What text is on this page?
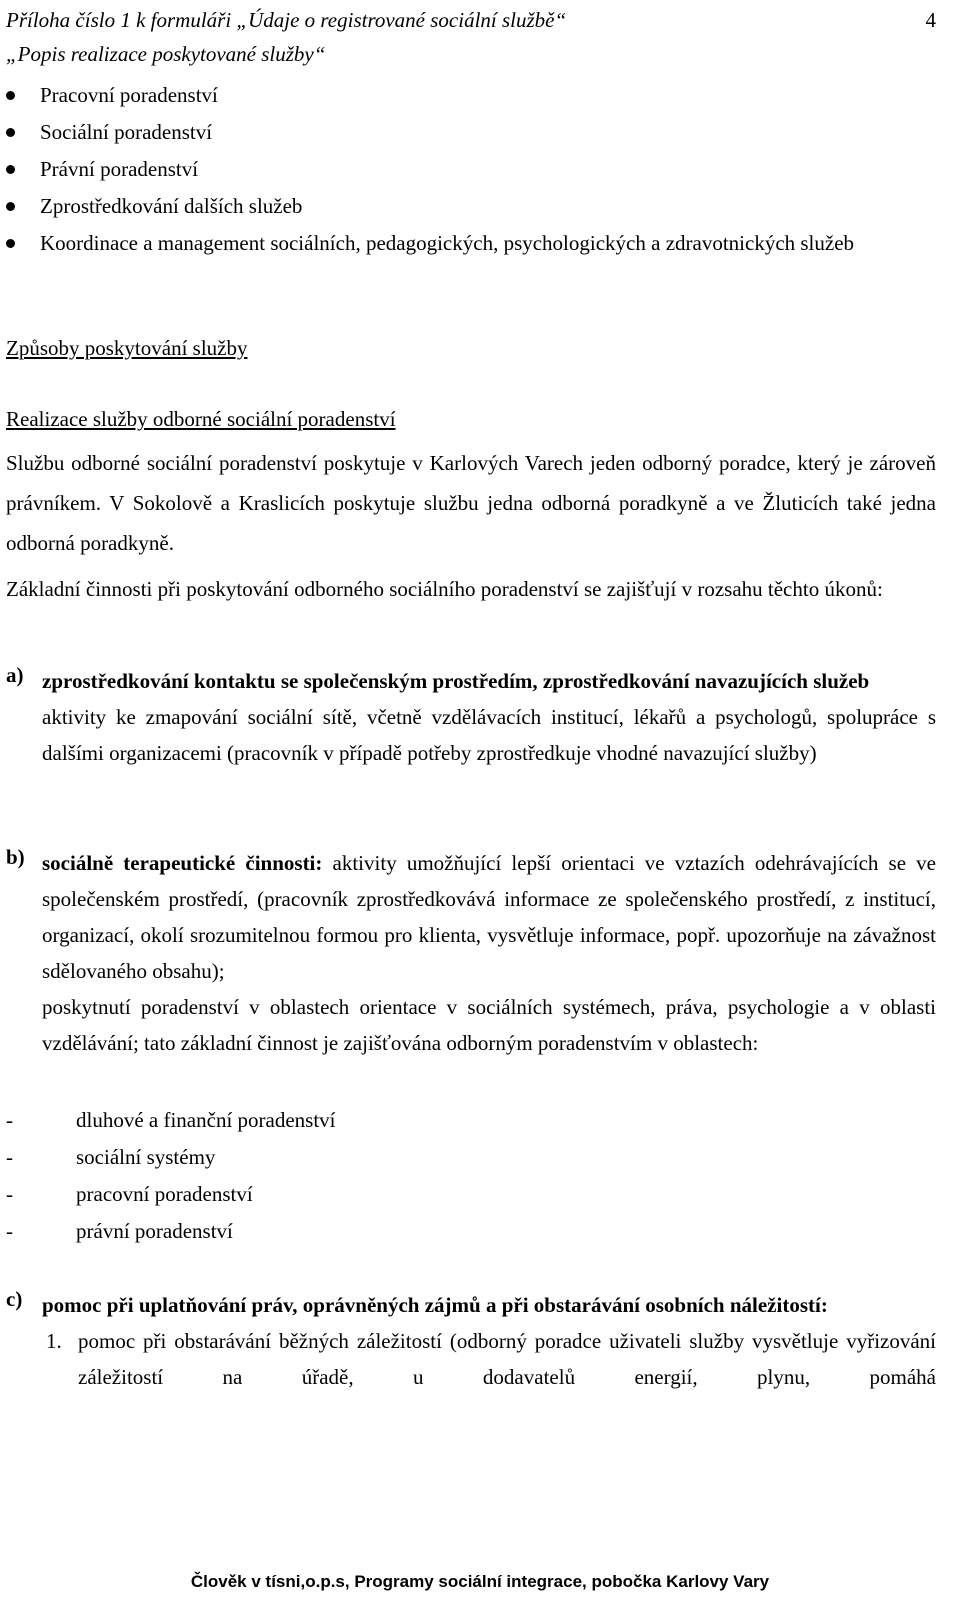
Příloha číslo 1 k formuláři „Údaje o registrované sociální službě“	4
„Popis realizace poskytované služby“
Pracovní poradenství
Sociální poradenství
Právní poradenství
Zprostředkování dalších služeb
Koordinace a management sociálních, pedagogických, psychologických a zdravotnických služeb
Způsoby poskytování služby
Realizace služby odborné sociální poradenství
Službu odborné sociální poradenství poskytuje v Karlových Varech jeden odborný poradce, který je zároveň právníkem. V Sokolově a Kraslicích poskytuje službu jedna odborná poradkyně a ve Žluticích také jedna odborná poradkyně.
Základní činnosti při poskytování odborného sociálního poradenství se zajišťují v rozsahu těchto úkonů:
a) zprostředkování kontaktu se společenským prostředím, zprostředkování navazujících služeb
aktivity ke zmapování sociální sítě, včetně vzdělávacích institucí, lékařů a psychologů, spolupráce s dalšími organizacemi (pracovník v případě potřeby zprostředkuje vhodné navazující služby)
b) sociálně terapeutické činnosti: aktivity umožňující lepší orientaci ve vztazích odehrávajících se ve společenském prostředí, (pracovník zprostředkovává informace ze společenského prostředí, z institucí, organizací, okolí srozumitelnou formou pro klienta, vysvětluje informace, popř. upozorňuje na závažnost sdělovaného obsahu);
poskytnutí poradenství v oblastech orientace v sociálních systémech, práva, psychologie a v oblasti vzdělávání; tato základní činnost je zajišťována odborným poradenstvím v oblastech:
-	dluhové a finanční poradenství
-	sociální systémy
-	pracovní poradenství
-	právní poradenství
c) pomoc při uplatňování práv, oprávněných zájmů a při obstarávání osobních náležitostí:
1. pomoc při obstarávání běžných záležitostí (odborný poradce uživateli služby vysvětluje vyřizování záležitostí na úřadě, u dodavatelů energií, plynu, pomáhá
Člověk v tísni,o.p.s, Programy sociální integrace, pobočka Karlovy Vary
